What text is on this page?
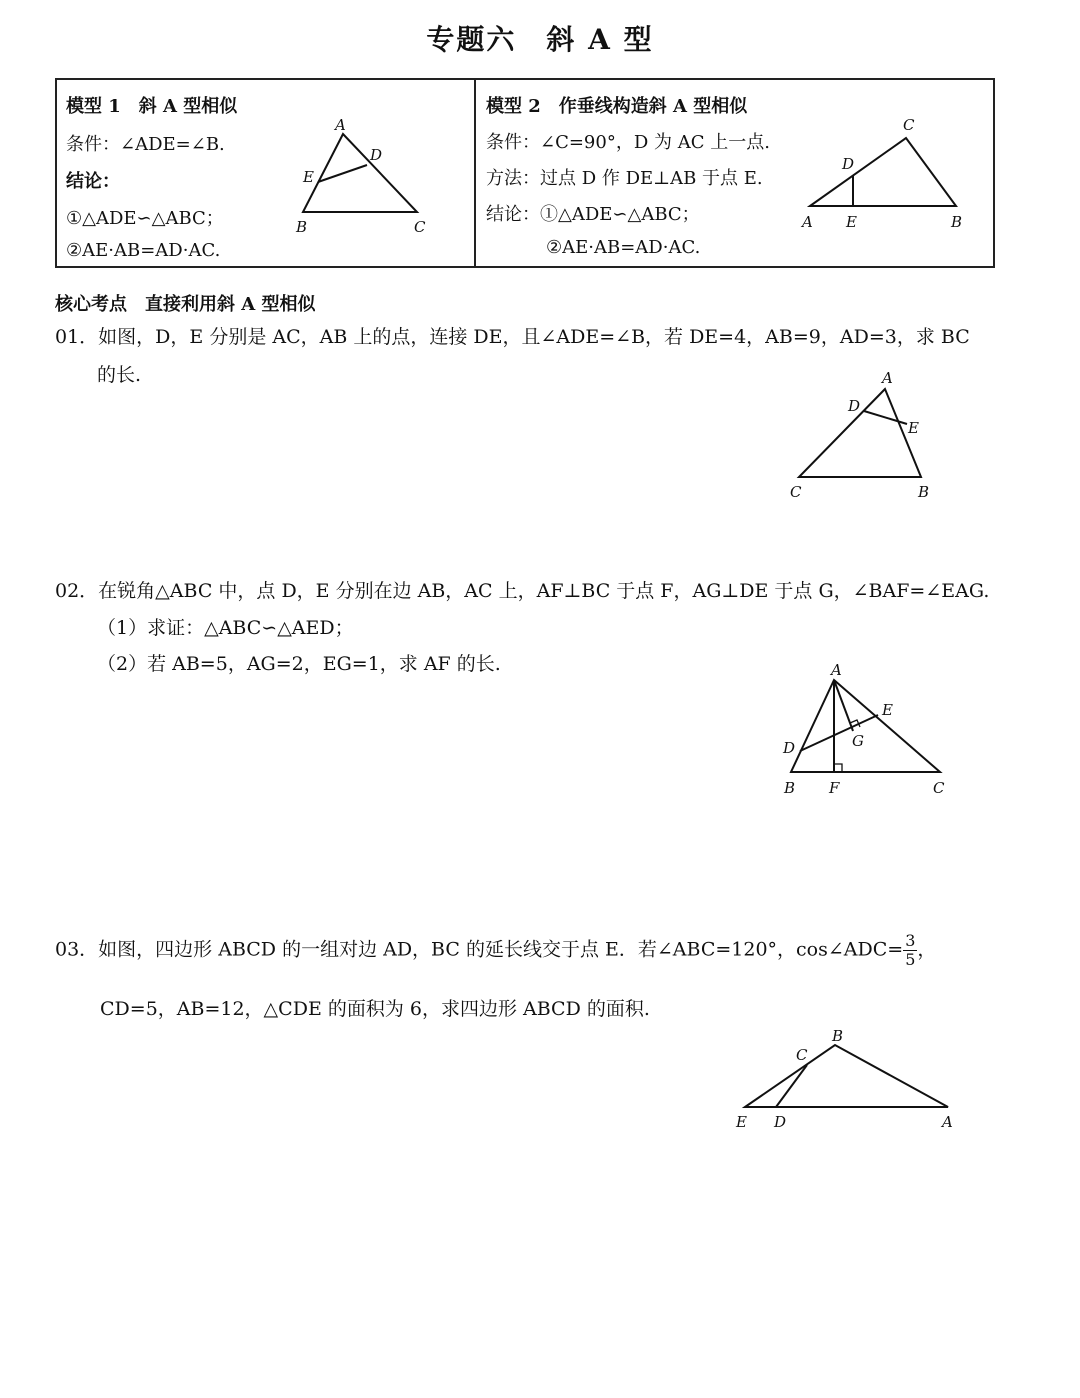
专题六　斜 A 型
模型 1　斜 A 型相似
条件：∠ADE=∠B.
结论：
①△ADE∽△ABC；
②AE·AB=AD·AC.
A
B	C
D
E
模型 2　作垂线构造斜 A 型相似
条件：∠C=90°，D 为 AC 上一点.
方法：过点 D 作 DE⊥AB 于点 E.
结论：①△ADE∽△ABC；
②AE·AB=AD·AC.
A	B
C
D
E
核心考点　直接利用斜 A 型相似
01．如图，D，E 分别是 AC，AB 上的点，连接 DE，且∠ADE=∠B，若 DE=4，AB=9，AD=3，求 BC
的长.	A
B
C
D
E
02．在锐角△ABC 中，点 D，E 分别在边 AB，AC 上，AF⊥BC 于点 F，AG⊥DE 于点 G，∠BAF=∠EAG.
（1）求证：△ABC∽△AED；
（2）若 AB=5，AG=2，EG=1，求 AF 的长.	A
B	C
D
E
F
G
03．如图，四边形 ABCD 的一组对边 AD，BC 的延长线交于点 E．若∠ABC=120°，cos∠ADC= $\frac{3}{5}$ ，
CD=5，AB=12，△CDE 的面积为 6，求四边形 ABCD 的面积.
B
C
E D	A
